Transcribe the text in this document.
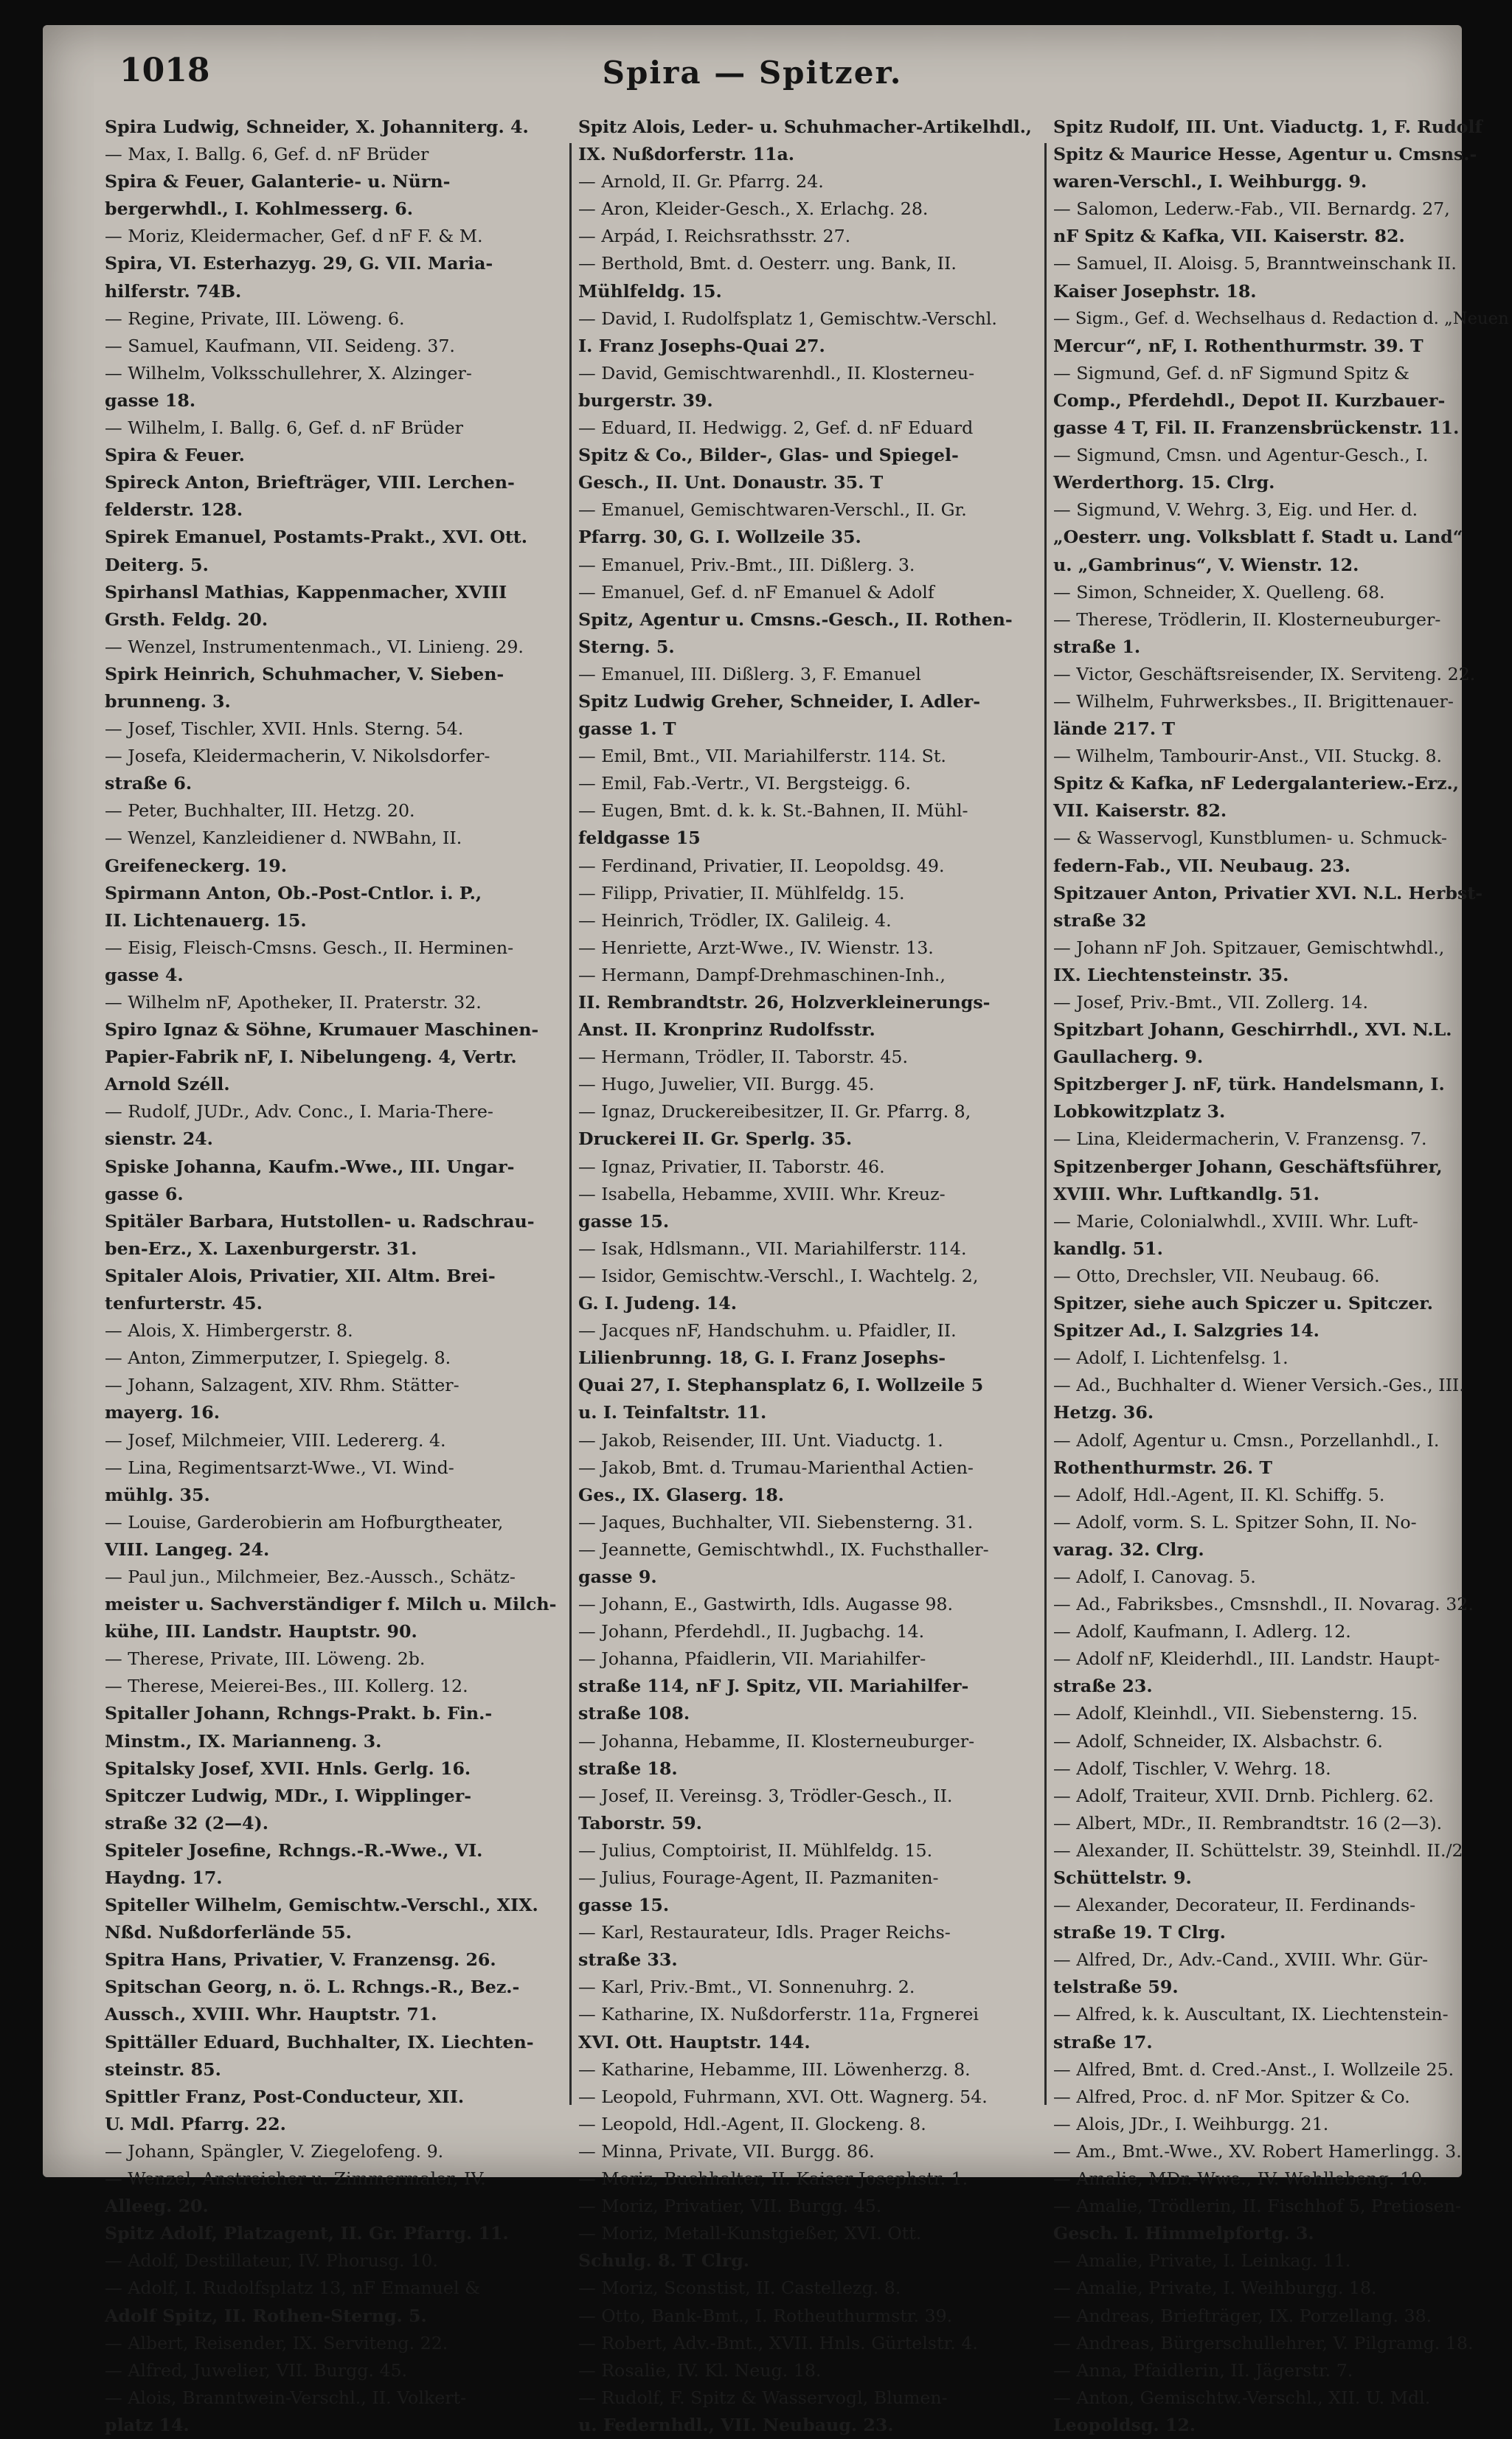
1018	Spira — Spitzer.
Spira Ludwig, Schneider, X. Johanniterg. 4.
— Max, I. Ballg. 6, Gef. d. nF Brüder
Spira & Feuer, Galanterie- u. Nürn-
bergerwhdl., I. Kohlmesserg. 6.
— Moriz, Kleidermacher, Gef. d nF F. & M.
Spira, VI. Esterhazyg. 29, G. VII. Maria-
hilferstr. 74B.
— Regine, Private, III. Löweng. 6.
— Samuel, Kaufmann, VII. Seideng. 37.
— Wilhelm, Volksschullehrer, X. Alzinger-
gasse 18.
— Wilhelm, I. Ballg. 6, Gef. d. nF Brüder
Spira & Feuer.
Spireck Anton, Briefträger, VIII. Lerchen-
felderstr. 128.
Spirek Emanuel, Postamts-Prakt., XVI. Ott.
Deiterg. 5.
Spirhansl Mathias, Kappenmacher, XVIII
Grsth. Feldg. 20.
— Wenzel, Instrumentenmach., VI. Linieng. 29.
Spirk Heinrich, Schuhmacher, V. Sieben-
brunneng. 3.
— Josef, Tischler, XVII. Hnls. Sterng. 54.
— Josefa, Kleidermacherin, V. Nikolsdorfer-
straße 6.
— Peter, Buchhalter, III. Hetzg. 20.
— Wenzel, Kanzleidiener d. NWBahn, II.
Greifeneckerg. 19.
Spirmann Anton, Ob.-Post-Cntlor. i. P.,
II. Lichtenauerg. 15.
— Eisig, Fleisch-Cmsns. Gesch., II. Herminen-
gasse 4.
— Wilhelm nF, Apotheker, II. Praterstr. 32.
Spiro Ignaz & Söhne, Krumauer Maschinen-
Papier-Fabrik nF, I. Nibelungeng. 4, Vertr.
Arnold Széll.
— Rudolf, JUDr., Adv. Conc., I. Maria-There-
sienstr. 24.
Spiske Johanna, Kaufm.-Wwe., III. Ungar-
gasse 6.
Spitäler Barbara, Hutstollen- u. Radschrau-
ben-Erz., X. Laxenburgerstr. 31.
Spitaler Alois, Privatier, XII. Altm. Brei-
tenfurterstr. 45.
— Alois, X. Himbergerstr. 8.
— Anton, Zimmerputzer, I. Spiegelg. 8.
— Johann, Salzagent, XIV. Rhm. Stätter-
mayerg. 16.
— Josef, Milchmeier, VIII. Ledererg. 4.
— Lina, Regimentsarzt-Wwe., VI. Wind-
mühlg. 35.
— Louise, Garderobierin am Hofburgtheater,
VIII. Langeg. 24.
— Paul jun., Milchmeier, Bez.-Aussch., Schätz-
meister u. Sachverständiger f. Milch u. Milch-
kühe, III. Landstr. Hauptstr. 90.
— Therese, Private, III. Löweng. 2b.
— Therese, Meierei-Bes., III. Kollerg. 12.
Spitaller Johann, Rchngs-Prakt. b. Fin.-
Minstm., IX. Marianneng. 3.
Spitalsky Josef, XVII. Hnls. Gerlg. 16.
Spitczer Ludwig, MDr., I. Wipplinger-
straße 32 (2—4).
Spiteler Josefine, Rchngs.-R.-Wwe., VI.
Haydng. 17.
Spiteller Wilhelm, Gemischtw.-Verschl., XIX.
Nßd. Nußdorferlände 55.
Spitra Hans, Privatier, V. Franzensg. 26.
Spitschan Georg, n. ö. L. Rchngs.-R., Bez.-
Aussch., XVIII. Whr. Hauptstr. 71.
Spittäller Eduard, Buchhalter, IX. Liechten-
steinstr. 85.
Spittler Franz, Post-Conducteur, XII.
U. Mdl. Pfarrg. 22.
— Johann, Spängler, V. Ziegelofeng. 9.
— Wenzel, Anstreicher u. Zimmermaler, IV.
Alleeg. 20.
Spitz Adolf, Platzagent, II. Gr. Pfarrg. 11.
— Adolf, Destillateur, IV. Phorusg. 10.
— Adolf, I. Rudolfsplatz 13, nF Emanuel &
Adolf Spitz, II. Rothen-Sterng. 5.
— Albert, Reisender, IX. Serviteng. 22.
— Alfred, Juwelier, VII. Burgg. 45.
— Alois, Branntwein-Verschl., II. Volkert-
platz 14.
Spitz Alois, Leder- u. Schuhmacher-Artikelhdl.,
IX. Nußdorferstr. 11a.
— Arnold, II. Gr. Pfarrg. 24.
— Aron, Kleider-Gesch., X. Erlachg. 28.
— Arpád, I. Reichsrathsstr. 27.
— Berthold, Bmt. d. Oesterr. ung. Bank, II.
Mühlfeldg. 15.
— David, I. Rudolfsplatz 1, Gemischtw.-Verschl.
I. Franz Josephs-Quai 27.
— David, Gemischtwarenhdl., II. Klosterneu-
burgerstr. 39.
— Eduard, II. Hedwigg. 2, Gef. d. nF Eduard
Spitz & Co., Bilder-, Glas- und Spiegel-
Gesch., II. Unt. Donaustr. 35. T
— Emanuel, Gemischtwaren-Verschl., II. Gr.
Pfarrg. 30, G. I. Wollzeile 35.
— Emanuel, Priv.-Bmt., III. Dißlerg. 3.
— Emanuel, Gef. d. nF Emanuel & Adolf
Spitz, Agentur u. Cmsns.-Gesch., II. Rothen-
Sterng. 5.
— Emanuel, III. Dißlerg. 3, F. Emanuel
Spitz Ludwig Greher, Schneider, I. Adler-
gasse 1. T
— Emil, Bmt., VII. Mariahilferstr. 114. St.
— Emil, Fab.-Vertr., VI. Bergsteigg. 6.
— Eugen, Bmt. d. k. k. St.-Bahnen, II. Mühl-
feldgasse 15
— Ferdinand, Privatier, II. Leopoldsg. 49.
— Filipp, Privatier, II. Mühlfeldg. 15.
— Heinrich, Trödler, IX. Galileig. 4.
— Henriette, Arzt-Wwe., IV. Wienstr. 13.
— Hermann, Dampf-Drehmaschinen-Inh.,
II. Rembrandtstr. 26, Holzverkleinerungs-
Anst. II. Kronprinz Rudolfsstr.
— Hermann, Trödler, II. Taborstr. 45.
— Hugo, Juwelier, VII. Burgg. 45.
— Ignaz, Druckereibesitzer, II. Gr. Pfarrg. 8,
Druckerei II. Gr. Sperlg. 35.
— Ignaz, Privatier, II. Taborstr. 46.
— Isabella, Hebamme, XVIII. Whr. Kreuz-
gasse 15.
— Isak, Hdlsmann., VII. Mariahilferstr. 114.
— Isidor, Gemischtw.-Verschl., I. Wachtelg. 2,
G. I. Judeng. 14.
— Jacques nF, Handschuhm. u. Pfaidler, II.
Lilienbrunng. 18, G. I. Franz Josephs-
Quai 27, I. Stephansplatz 6, I. Wollzeile 5
u. I. Teinfaltstr. 11.
— Jakob, Reisender, III. Unt. Viaductg. 1.
— Jakob, Bmt. d. Trumau-Marienthal Actien-
Ges., IX. Glaserg. 18.
— Jaques, Buchhalter, VII. Siebensterng. 31.
— Jeannette, Gemischtwhdl., IX. Fuchsthaller-
gasse 9.
— Johann, E., Gastwirth, Idls. Augasse 98.
— Johann, Pferdehdl., II. Jugbachg. 14.
— Johanna, Pfaidlerin, VII. Mariahilfer-
straße 114, nF J. Spitz, VII. Mariahilfer-
straße 108.
— Johanna, Hebamme, II. Klosterneuburger-
straße 18.
— Josef, II. Vereinsg. 3, Trödler-Gesch., II.
Taborstr. 59.
— Julius, Comptoirist, II. Mühlfeldg. 15.
— Julius, Fourage-Agent, II. Pazmaniten-
gasse 15.
— Karl, Restaurateur, Idls. Prager Reichs-
straße 33.
— Karl, Priv.-Bmt., VI. Sonnenuhrg. 2.
— Katharine, IX. Nußdorferstr. 11a, Frgnerei
XVI. Ott. Hauptstr. 144.
— Katharine, Hebamme, III. Löwenherzg. 8.
— Leopold, Fuhrmann, XVI. Ott. Wagnerg. 54.
— Leopold, Hdl.-Agent, II. Glockeng. 8.
— Minna, Private, VII. Burgg. 86.
— Moriz, Buchhalter, II. Kaiser Josephstr. 1.
— Moriz, Privatier, VII. Burgg. 45.
— Moriz, Metall-Kunstgießer, XVI. Ott.
Schulg. 8. T Clrg.
— Moriz, Sconstist, II. Castellezg. 8.
— Otto, Bank-Bmt., I. Rotheuthurmstr. 39.
— Robert, Adv.-Bmt., XVII. Hnls. Gürtelstr. 4.
— Rosalie, IV. Kl. Neug. 18.
— Rudolf, F. Spitz & Wasservogl, Blumen-
u. Federnhdl., VII. Neubaug. 23.
Spitz Rudolf, III. Unt. Viaductg. 1, F. Rudolf
Spitz & Maurice Hesse, Agentur u. Cmsns.-
waren-Verschl., I. Weihburgg. 9.
— Salomon, Lederw.-Fab., VII. Bernardg. 27,
nF Spitz & Kafka, VII. Kaiserstr. 82.
— Samuel, II. Aloisg. 5, Branntweinschank II.
Kaiser Josephstr. 18.
— Sigm., Gef. d. Wechselhaus d. Redaction d. „Neuen
Mercur“, nF, I. Rothenthurmstr. 39. T
— Sigmund, Gef. d. nF Sigmund Spitz &
Comp., Pferdehdl., Depot II. Kurzbauer-
gasse 4 T, Fil. II. Franzensbrückenstr. 11.
— Sigmund, Cmsn. und Agentur-Gesch., I.
Werderthorg. 15. Clrg.
— Sigmund, V. Wehrg. 3, Eig. und Her. d.
„Oesterr. ung. Volksblatt f. Stadt u. Land“
u. „Gambrinus“, V. Wienstr. 12.
— Simon, Schneider, X. Quelleng. 68.
— Therese, Trödlerin, II. Klosterneuburger-
straße 1.
— Victor, Geschäftsreisender, IX. Serviteng. 22.
— Wilhelm, Fuhrwerksbes., II. Brigittenauer-
lände 217. T
— Wilhelm, Tambourir-Anst., VII. Stuckg. 8.
Spitz & Kafka, nF Ledergalanteriew.-Erz.,
VII. Kaiserstr. 82.
— & Wasservogl, Kunstblumen- u. Schmuck-
federn-Fab., VII. Neubaug. 23.
Spitzauer Anton, Privatier XVI. N.L. Herbst-
straße 32
— Johann nF Joh. Spitzauer, Gemischtwhdl.,
IX. Liechtensteinstr. 35.
— Josef, Priv.-Bmt., VII. Zollerg. 14.
Spitzbart Johann, Geschirrhdl., XVI. N.L.
Gaullacherg. 9.
Spitzberger J. nF, türk. Handelsmann, I.
Lobkowitzplatz 3.
— Lina, Kleidermacherin, V. Franzensg. 7.
Spitzenberger Johann, Geschäftsführer,
XVIII. Whr. Luftkandlg. 51.
— Marie, Colonialwhdl., XVIII. Whr. Luft-
kandlg. 51.
— Otto, Drechsler, VII. Neubaug. 66.
Spitzer, siehe auch Spiczer u. Spitczer.
Spitzer Ad., I. Salzgries 14.
— Adolf, I. Lichtenfelsg. 1.
— Ad., Buchhalter d. Wiener Versich.-Ges., III.
Hetzg. 36.
— Adolf, Agentur u. Cmsn., Porzellanhdl., I.
Rothenthurmstr. 26. T
— Adolf, Hdl.-Agent, II. Kl. Schiffg. 5.
— Adolf, vorm. S. L. Spitzer Sohn, II. No-
varag. 32. Clrg.
— Adolf, I. Canovag. 5.
— Ad., Fabriksbes., Cmsnshdl., II. Novarag. 32.
— Adolf, Kaufmann, I. Adlerg. 12.
— Adolf nF, Kleiderhdl., III. Landstr. Haupt-
straße 23.
— Adolf, Kleinhdl., VII. Siebensterng. 15.
— Adolf, Schneider, IX. Alsbachstr. 6.
— Adolf, Tischler, V. Wehrg. 18.
— Adolf, Traiteur, XVII. Drnb. Pichlerg. 62.
— Albert, MDr., II. Rembrandtstr. 16 (2—3).
— Alexander, II. Schüttelstr. 39, Steinhdl. II./2
Schüttelstr. 9.
— Alexander, Decorateur, II. Ferdinands-
straße 19. T Clrg.
— Alfred, Dr., Adv.-Cand., XVIII. Whr. Gür-
telstraße 59.
— Alfred, k. k. Auscultant, IX. Liechtenstein-
straße 17.
— Alfred, Bmt. d. Cred.-Anst., I. Wollzeile 25.
— Alfred, Proc. d. nF Mor. Spitzer & Co.
— Alois, JDr., I. Weihburgg. 21.
— Am., Bmt.-Wwe., XV. Robert Hamerlingg. 3.
— Amalie, MDr.-Wwe., IV. Wohllebeng. 10.
— Amalie, Trödlerin, II. Fischhof 5, Pretiosen-
Gesch. I. Himmelpfortg. 3.
— Amalie, Private, I. Leinkag. 11.
— Amalie, Private, I. Weihburgg. 18.
— Andreas, Briefträger, IX. Porzellang. 38.
— Andreas, Bürgerschullehrer, V. Pilgramg. 18.
— Anna, Pfaidlerin, II. Jägerstr. 7.
— Anton, Gemischtw.-Verschl., XII. U. Mdl.
Leopoldsg. 12.
